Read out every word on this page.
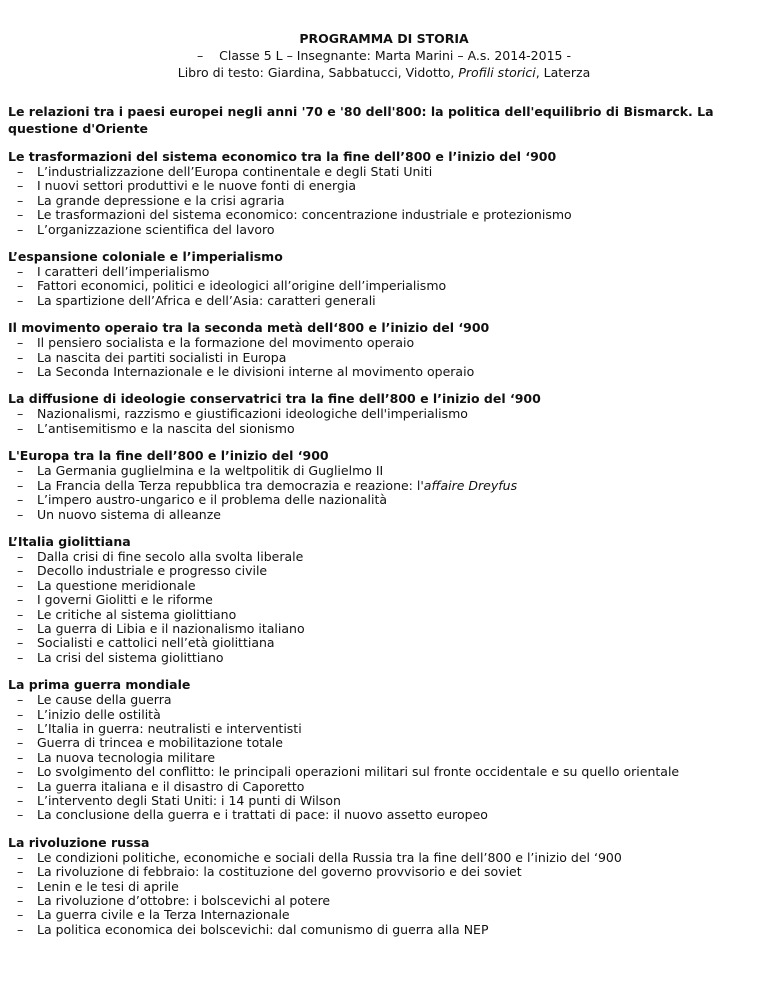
PROGRAMMA DI STORIA
– Classe 5 L – Insegnante: Marta Marini – A.s. 2014-2015 -
Libro di testo: Giardina, Sabbatucci, Vidotto, Profili storici, Laterza
Le relazioni tra i paesi europei negli anni '70 e '80 dell'800: la politica dell'equilibrio di Bismarck. La questione d'Oriente
Le trasformazioni del sistema economico tra la fine dell’800 e l’inizio del ‘900
– L’industrializzazione dell’Europa continentale e degli Stati Uniti
– I nuovi settori produttivi e le nuove fonti di energia
– La grande depressione e la crisi agraria
– Le trasformazioni del sistema economico: concentrazione industriale e protezionismo
– L’organizzazione scientifica del lavoro
L’espansione coloniale e l’imperialismo
– I caratteri dell’imperialismo
– Fattori economici, politici e ideologici all’origine dell’imperialismo
– La spartizione dell’Africa e dell’Asia: caratteri generali
Il movimento operaio tra la seconda metà dell‘800 e l’inizio del ‘900
– Il pensiero socialista e la formazione del movimento operaio
– La nascita dei partiti socialisti in Europa
– La Seconda Internazionale e le divisioni interne al movimento operaio
La diffusione di ideologie conservatrici tra la fine dell’800 e l’inizio del ‘900
– Nazionalismi, razzismo e giustificazioni ideologiche dell'imperialismo
– L’antisemitismo e la nascita del sionismo
L'Europa tra la fine dell’800 e l’inizio del ‘900
– La Germania guglielmina e la weltpolitik di Guglielmo II
– La Francia della Terza repubblica tra democrazia e reazione: l'affaire Dreyfus
– L’impero austro-ungarico e il problema delle nazionalità
– Un nuovo sistema di alleanze
L’Italia giolittiana
– Dalla crisi di fine secolo alla svolta liberale
– Decollo industriale e progresso civile
– La questione meridionale
– I governi Giolitti e le riforme
– Le critiche al sistema giolittiano
– La guerra di Libia e il nazionalismo italiano
– Socialisti e cattolici nell’età giolittiana
– La crisi del sistema giolittiano
La prima guerra mondiale
– Le cause della guerra
– L’inizio delle ostilità
– L’Italia in guerra: neutralisti e interventisti
– Guerra di trincea e mobilitazione totale
– La nuova tecnologia militare
– Lo svolgimento del conflitto: le principali operazioni militari sul fronte occidentale e su quello orientale
– La guerra italiana e il disastro di Caporetto
– L’intervento degli Stati Uniti: i 14 punti di Wilson
– La conclusione della guerra e i trattati di pace: il nuovo assetto europeo
La rivoluzione russa
– Le condizioni politiche, economiche e sociali della Russia tra la fine dell’800 e l’inizio del ‘900
– La rivoluzione di febbraio: la costituzione del governo provvisorio e dei soviet
– Lenin e le tesi di aprile
– La rivoluzione d’ottobre: i bolscevichi al potere
– La guerra civile e la Terza Internazionale
– La politica economica dei bolscevichi: dal comunismo di guerra alla NEP
